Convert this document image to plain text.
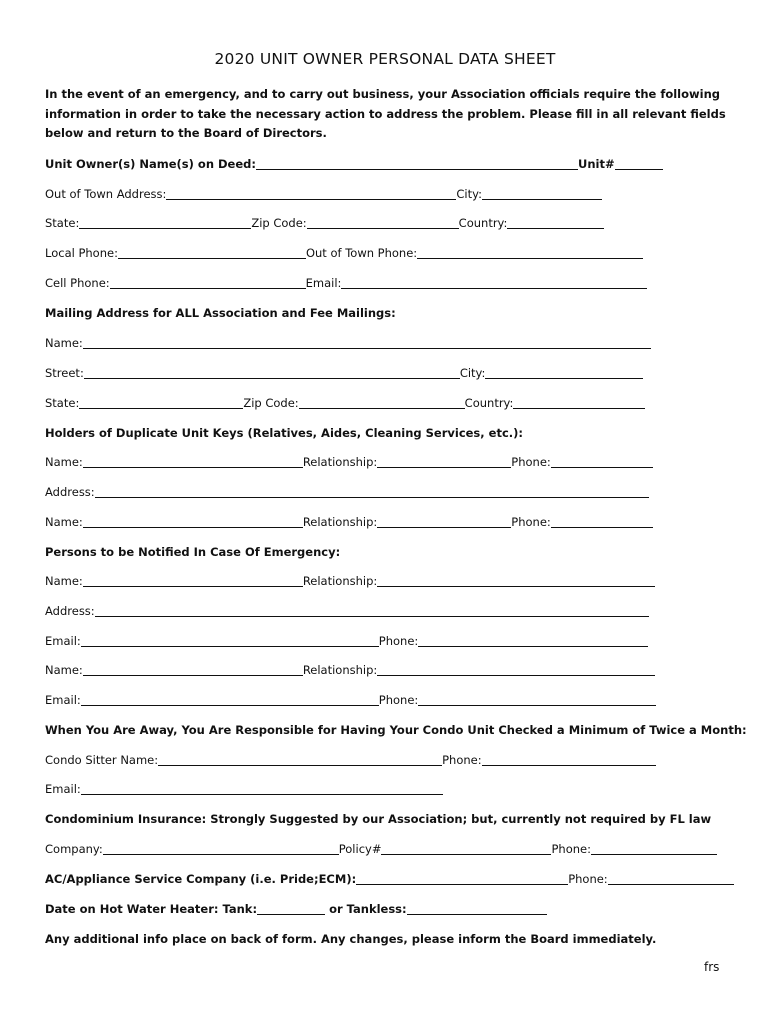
2020 UNIT OWNER PERSONAL DATA SHEET
In the event of an emergency, and to carry out business, your Association officials require the following information in order to take the necessary action to address the problem. Please fill in all relevant fields below and return to the Board of Directors.
Unit Owner(s) Name(s) on Deed:	Unit#
Out of Town Address:	City:
State:	Zip Code:	Country:
Local Phone:	Out of Town Phone:
Cell Phone:	Email:
Mailing Address for ALL Association and Fee Mailings:
Name:
Street:	City:
State:	Zip Code:	Country:
Holders of Duplicate Unit Keys (Relatives, Aides, Cleaning Services, etc.):
Name:	Relationship:	Phone:
Address:
Name:	Relationship:	Phone:
Persons to be Notified In Case Of Emergency:
Name:	Relationship:
Address:
Email:	Phone:
Name:	Relationship:
Email:	Phone:
When You Are Away, You Are Responsible for Having Your Condo Unit Checked a Minimum of Twice a Month:
Condo Sitter Name:	Phone:
Email:
Condominium Insurance: Strongly Suggested by our Association; but, currently not required by FL law
Company:	Policy#	Phone:
AC/Appliance Service Company (i.e. Pride;ECM):	Phone:
Date on Hot Water Heater: Tank:	or Tankless:
Any additional info place on back of form. Any changes, please inform the Board immediately.
frs
